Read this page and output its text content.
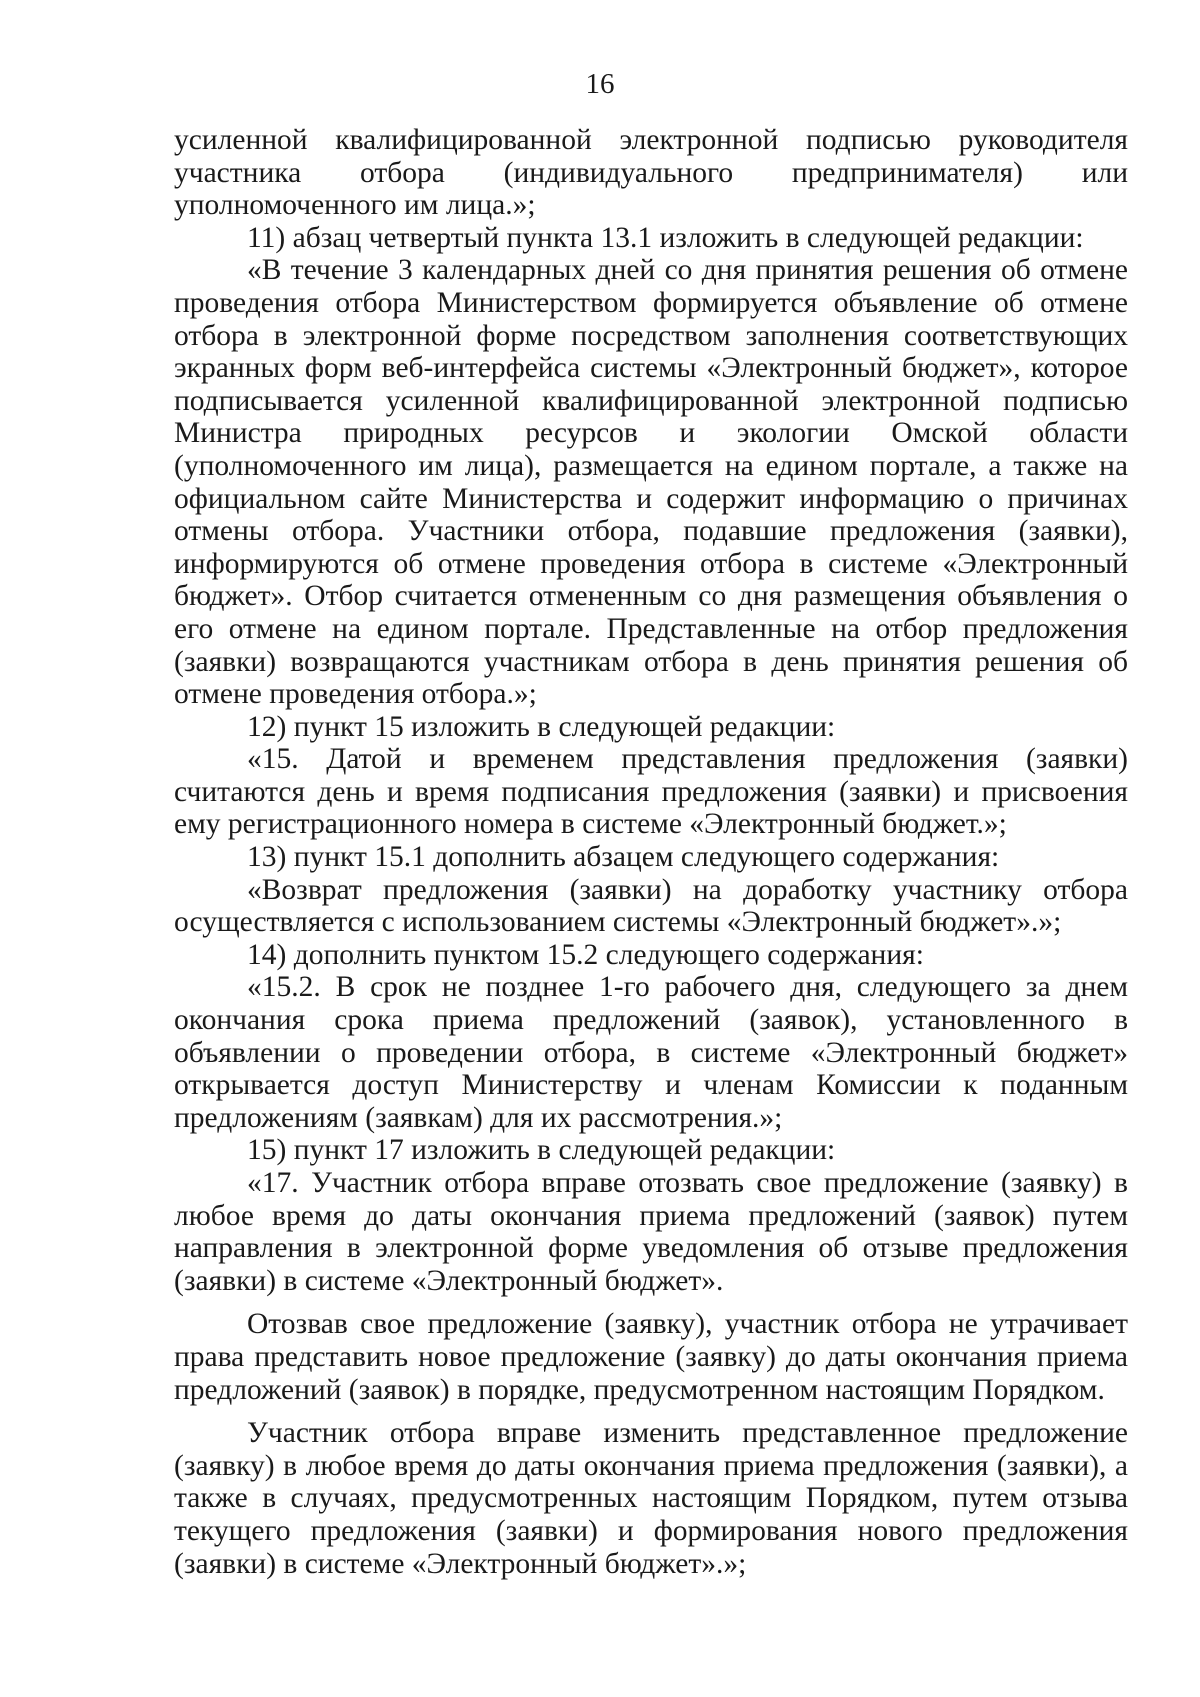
16

усиленной квалифицированной электронной подписью руководителя участника отбора (индивидуального предпринимателя) или уполномоченного им лица.»;

11) абзац четвертый пункта 13.1 изложить в следующей редакции:

«В течение 3 календарных дней со дня принятия решения об отмене проведения отбора Министерством формируется объявление об отмене отбора в электронной форме посредством заполнения соответствующих экранных форм веб-интерфейса системы «Электронный бюджет», которое подписывается усиленной квалифицированной электронной подписью Министра природных ресурсов и экологии Омской области (уполномоченного им лица), размещается на едином портале, а также на официальном сайте Министерства и содержит информацию о причинах отмены отбора. Участники отбора, подавшие предложения (заявки), информируются об отмене проведения отбора в системе «Электронный бюджет». Отбор считается отмененным со дня размещения объявления о его отмене на едином портале. Представленные на отбор предложения (заявки) возвращаются участникам отбора в день принятия решения об отмене проведения отбора.»;

12) пункт 15 изложить в следующей редакции:

«15. Датой и временем представления предложения (заявки) считаются день и время подписания предложения (заявки) и присвоения ему регистрационного номера в системе «Электронный бюджет.»;

13) пункт 15.1 дополнить абзацем следующего содержания:

«Возврат предложения (заявки) на доработку участнику отбора осуществляется с использованием системы «Электронный бюджет».»;

14) дополнить пунктом 15.2 следующего содержания:

«15.2. В срок не позднее 1-го рабочего дня, следующего за днем окончания срока приема предложений (заявок), установленного в объявлении о проведении отбора, в системе «Электронный бюджет» открывается доступ Министерству и членам Комиссии к поданным предложениям (заявкам) для их рассмотрения.»;

15) пункт 17 изложить в следующей редакции:

«17. Участник отбора вправе отозвать свое предложение (заявку) в любое время до даты окончания приема предложений (заявок) путем направления в электронной форме уведомления об отзыве предложения (заявки) в системе «Электронный бюджет».

Отозвав свое предложение (заявку), участник отбора не утрачивает права представить новое предложение (заявку) до даты окончания приема предложений (заявок) в порядке, предусмотренном настоящим Порядком.

Участник отбора вправе изменить представленное предложение (заявку) в любое время до даты окончания приема предложения (заявки), а также в случаях, предусмотренных настоящим Порядком, путем отзыва текущего предложения (заявки) и формирования нового предложения (заявки) в системе «Электронный бюджет».»;
